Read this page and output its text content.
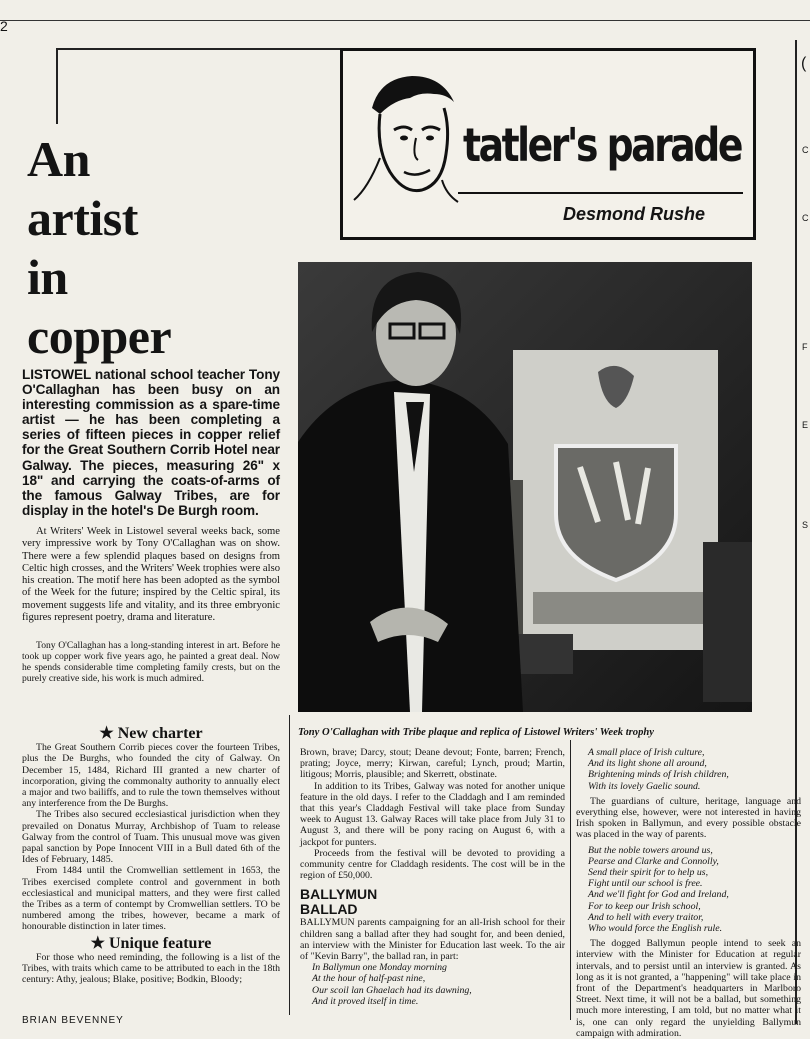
2
(
C
C
F
E
S
An
artist
in
copper
tatler's parade
Desmond Rushe
LISTOWEL national school teacher Tony O'Callaghan has been busy on an interesting commission as a spare-time artist — he has been completing a series of fifteen pieces in copper relief for the Great Southern Corrib Hotel near Galway. The pieces, measuring 26" x 18" and carrying the coats-of-arms of the famous Galway Tribes, are for display in the hotel's De Burgh room.

At Writers' Week in Listowel several weeks back, some very impressive work by Tony O'Callaghan was on show. There were a few splendid plaques based on designs from Celtic high crosses, and the Writers' Week trophies were also his creation. The motif here has been adopted as the symbol of the Week for the future; inspired by the Celtic spiral, its movement suggests life and vitality, and its three embryonic figures represent poetry, drama and literature.

Tony O'Callaghan has a long-standing interest in art. Before he took up copper work five years ago, he painted a great deal. Now he spends considerable time completing family crests, but on the purely creative side, his work is much admired.

★ New charter

The Great Southern Corrib pieces cover the fourteen Tribes, plus the De Burghs, who founded the city of Galway. On December 15, 1484, Richard III granted a new charter of incorporation, giving the commonalty authority to annually elect a major and two bailiffs, and to rule the town themselves without any interference from the De Burghs.

The Tribes also secured ecclesiastical jurisdiction when they prevailed on Donatus Murray, Archbishop of Tuam to release Galway from the control of Tuam. This unusual move was given papal sanction by Pope Innocent VIII in a Bull dated 6th of the Ides of February, 1485.

From 1484 until the Cromwellian settlement in 1653, the Tribes exercised complete control and government in both ecclesiastical and municipal matters, and they were first called the Tribes as a term of contempt by Cromwellian settlers. TO be numbered among the tribes, however, became a mark of honourable distinction in later times.

★ Unique feature

For those who need reminding, the following is a list of the Tribes, with traits which came to be attributed to each in the 18th century: Athy, jealous; Blake, positive; Bodkin, Bloody;

Tony O'Callaghan with Tribe plaque and replica of Listowel Writers' Week trophy
Brown, brave; Darcy, stout; Deane devout; Fonte, barren; French, prating; Joyce, merry; Kirwan, careful; Lynch, proud; Martin, litigous; Morris, plausible; and Skerrett, obstinate.

In addition to its Tribes, Galway was noted for another unique feature in the old days. I refer to the Claddagh and I am reminded that this year's Claddagh Festival will take place from Sunday week to August 13. Galway Races will take place from July 31 to August 3, and there will be pony racing on August 6, with a jackpot for punters.

Proceeds from the festival will be devoted to providing a community centre for Claddagh residents. The cost will be in the region of £50,000.

BALLYMUN
BALLAD
BALLYMUN parents campaigning for an all-Irish school for their children sang a ballad after they had sought for, and been denied, an interview with the Minister for Education last week. To the air of "Kevin Barry", the ballad ran, in part:
In Ballymun one Monday morning
At the hour of half-past nine,
Our scoil lan Ghaelach had its dawning,
And it proved itself in time.
A small place of Irish culture,
And its light shone all around,
Brightening minds of Irish children,
With its lovely Gaelic sound.

The guardians of culture, heritage, language and everything else, however, were not interested in having Irish spoken in Ballymun, and every possible obstacle was placed in the way of parents.

But the noble towers around us,
Pearse and Clarke and Connolly,
Send their spirit for to help us,
Fight until our school is free.
And we'll fight for God and Ireland,
For to keep our Irish school,
And to hell with every traitor,
Who would force the English rule.

The dogged Ballymun people intend to seek an interview with the Minister for Education at regular intervals, and to persist until an interview is granted. As long as it is not granted, a "happening" will take place in front of the Department's headquarters in Marlboro Street. Next time, it will not be a ballad, but something much more interesting, I am told, but no matter what it is, one can only regard the unyielding Ballymun campaign with admiration.

BRIAN BEVENNEY
